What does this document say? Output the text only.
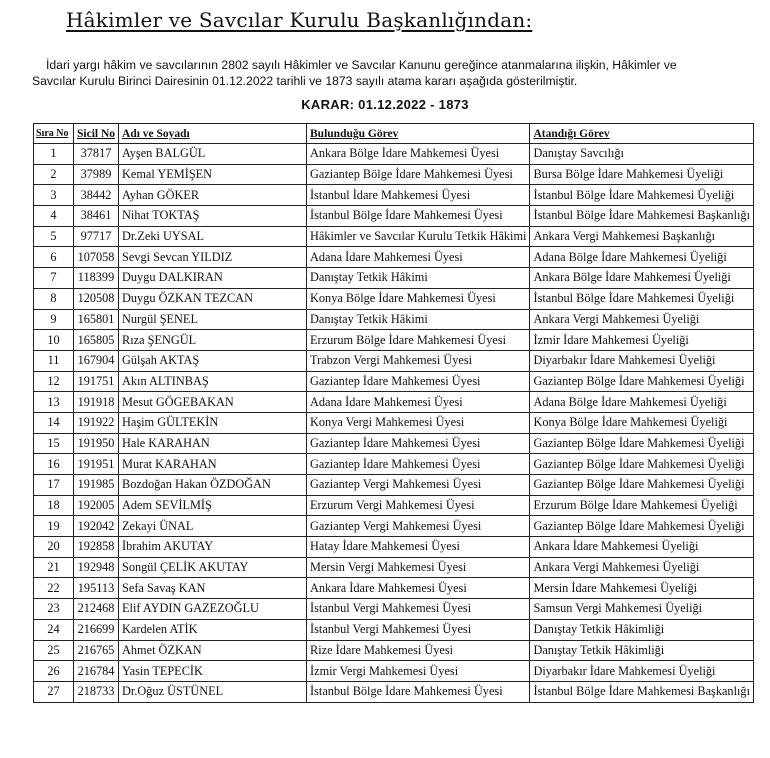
Hâkimler ve Savcılar Kurulu Başkanlığından:
İdari yargı hâkim ve savcılarının 2802 sayılı Hâkimler ve Savcılar Kanunu gereğince atanmalarına ilişkin, Hâkimler ve
Savcılar Kurulu Birinci Dairesinin 01.12.2022 tarihli ve 1873 sayılı atama kararı aşağıda gösterilmiştir.
KARAR: 01.12.2022 - 1873
Sıra No	Sicil No	Adı ve Soyadı	Bulunduğu Görev	Atandığı Görev
1	37817	Ayşen BALGÜL	Ankara Bölge İdare Mahkemesi Üyesi	Danıştay Savcılığı
2	37989	Kemal YEMİŞEN	Gaziantep Bölge İdare Mahkemesi Üyesi	Bursa Bölge İdare Mahkemesi Üyeliği
3	38442	Ayhan GÖKER	İstanbul İdare Mahkemesi Üyesi	İstanbul Bölge İdare Mahkemesi Üyeliği
4	38461	Nihat TOKTAŞ	İstanbul Bölge İdare Mahkemesi Üyesi	İstanbul Bölge İdare Mahkemesi Başkanlığı
5	97717	Dr.Zeki UYSAL	Hâkimler ve Savcılar Kurulu Tetkik Hâkimi	Ankara Vergi Mahkemesi Başkanlığı
6	107058	Sevgi Sevcan YILDIZ	Adana İdare Mahkemesi Üyesi	Adana Bölge İdare Mahkemesi Üyeliği
7	118399	Duygu DALKIRAN	Danıştay Tetkik Hâkimi	Ankara Bölge İdare Mahkemesi Üyeliği
8	120508	Duygu ÖZKAN TEZCAN	Konya Bölge İdare Mahkemesi Üyesi	İstanbul Bölge İdare Mahkemesi Üyeliği
9	165801	Nurgül ŞENEL	Danıştay Tetkik Hâkimi	Ankara Vergi Mahkemesi Üyeliği
10	165805	Rıza ŞENGÜL	Erzurum Bölge İdare Mahkemesi Üyesi	İzmir İdare Mahkemesi Üyeliği
11	167904	Gülşah AKTAŞ	Trabzon Vergi Mahkemesi Üyesi	Diyarbakır İdare Mahkemesi Üyeliği
12	191751	Akın ALTINBAŞ	Gaziantep İdare Mahkemesi Üyesi	Gaziantep Bölge İdare Mahkemesi Üyeliği
13	191918	Mesut GÖGEBAKAN	Adana İdare Mahkemesi Üyesi	Adana Bölge İdare Mahkemesi Üyeliği
14	191922	Haşim GÜLTEKİN	Konya Vergi Mahkemesi Üyesi	Konya Bölge İdare Mahkemesi Üyeliği
15	191950	Hale KARAHAN	Gaziantep İdare Mahkemesi Üyesi	Gaziantep Bölge İdare Mahkemesi Üyeliği
16	191951	Murat KARAHAN	Gaziantep İdare Mahkemesi Üyesi	Gaziantep Bölge İdare Mahkemesi Üyeliği
17	191985	Bozdoğan Hakan ÖZDOĞAN	Gaziantep Vergi Mahkemesi Üyesi	Gaziantep Bölge İdare Mahkemesi Üyeliği
18	192005	Adem SEVİLMİŞ	Erzurum Vergi Mahkemesi Üyesi	Erzurum Bölge İdare Mahkemesi Üyeliği
19	192042	Zekayi ÜNAL	Gaziantep Vergi Mahkemesi Üyesi	Gaziantep Bölge İdare Mahkemesi Üyeliği
20	192858	İbrahim AKUTAY	Hatay İdare Mahkemesi Üyesi	Ankara İdare Mahkemesi Üyeliği
21	192948	Songül ÇELİK AKUTAY	Mersin Vergi Mahkemesi Üyesi	Ankara Vergi Mahkemesi Üyeliği
22	195113	Sefa Savaş KAN	Ankara İdare Mahkemesi Üyesi	Mersin İdare Mahkemesi Üyeliği
23	212468	Elif AYDIN GAZEZOĞLU	İstanbul Vergi Mahkemesi Üyesi	Samsun Vergi Mahkemesi Üyeliği
24	216699	Kardelen ATİK	İstanbul Vergi Mahkemesi Üyesi	Danıştay Tetkik Hâkimliği
25	216765	Ahmet ÖZKAN	Rize İdare Mahkemesi Üyesi	Danıştay Tetkik Hâkimliği
26	216784	Yasin TEPECİK	İzmir Vergi Mahkemesi Üyesi	Diyarbakır İdare Mahkemesi Üyeliği
27	218733	Dr.Oğuz ÜSTÜNEL	İstanbul Bölge İdare Mahkemesi Üyesi	İstanbul Bölge İdare Mahkemesi Başkanlığı
